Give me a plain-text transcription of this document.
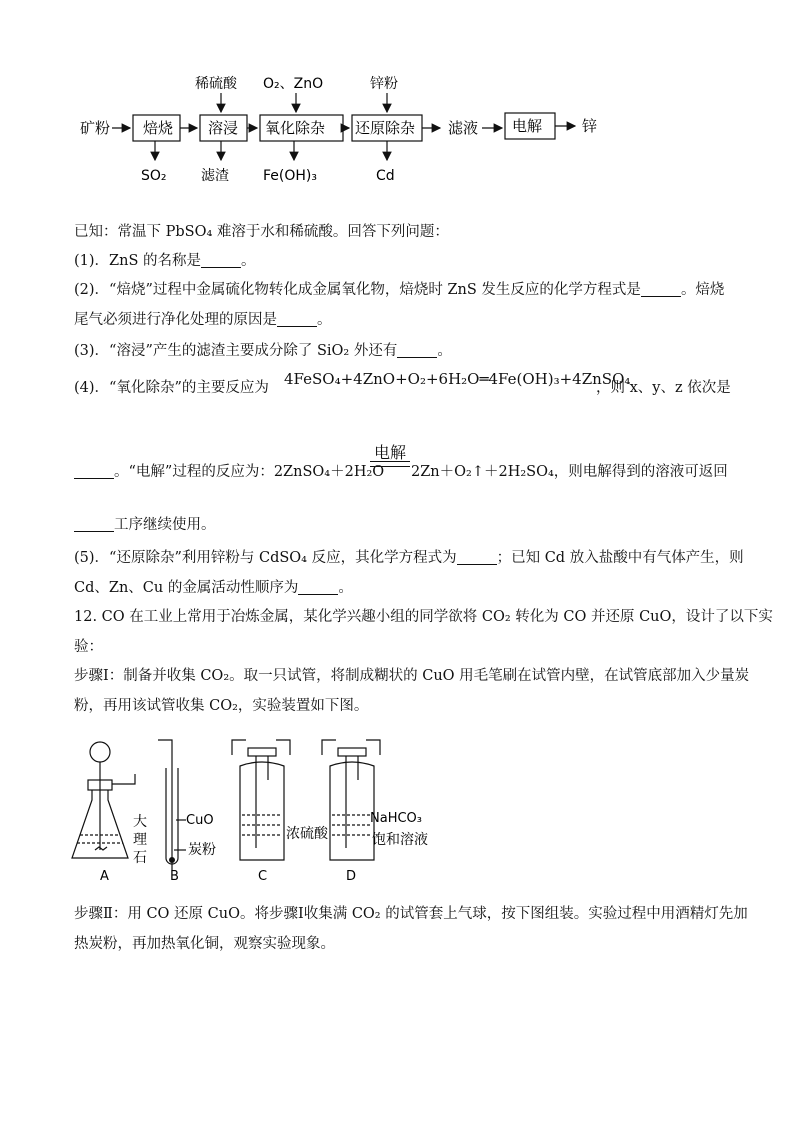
矿粉 焙烧 溶浸 氧化除杂 还原除杂 滤液 电解	锌
稀硫酸 O₂、ZnO	锌粉
SO₂ 滤渣 Fe(OH)₃	Cd
已知：常温下 PbSO₄ 难溶于水和稀硫酸。回答下列问题：
(1)．ZnS 的名称是	。
(2)．“焙烧”过程中金属硫化物转化成金属氧化物，焙烧时 ZnS 发生反应的化学方程式是	。焙烧
尾气必须进行净化处理的原因是	。
(3)．“溶浸”产生的滤渣主要成分除了 SiO₂ 外还有	。
(4)．“氧化除杂”的主要反应为	4FeSO₄+4ZnO+O₂+6H₂O═4Fe(OH)₃+4ZnSO₄
，则 x、y、z 依次是
电解
。“电解”过程的反应为：2ZnSO₄＋2H₂O	2Zn＋O₂↑＋2H₂SO₄，则电解得到的溶液可返回
工序继续使用。
(5)．“还原除杂”利用锌粉与 CdSO₄ 反应，其化学方程式为	；已知 Cd 放入盐酸中有气体产生，则
Cd、Zn、Cu 的金属活动性顺序为	。
12. CO 在工业上常用于冶炼金属，某化学兴趣小组的同学欲将 CO₂ 转化为 CO 并还原 CuO，设计了以下实
验：
步骤Ⅰ：制备并收集 CO₂。取一只试管，将制成糊状的 CuO 用毛笔刷在试管内壁，在试管底部加入少量炭
粉，再用该试管收集 CO₂，实验装置如下图。
大
理
石
A
CuO
炭粉
B
浓硫酸
C
NaHCO₃
饱和溶液
D
步骤Ⅱ：用 CO 还原 CuO。将步骤Ⅰ收集满 CO₂ 的试管套上气球，按下图组装。实验过程中用酒精灯先加
热炭粉，再加热氧化铜，观察实验现象。
